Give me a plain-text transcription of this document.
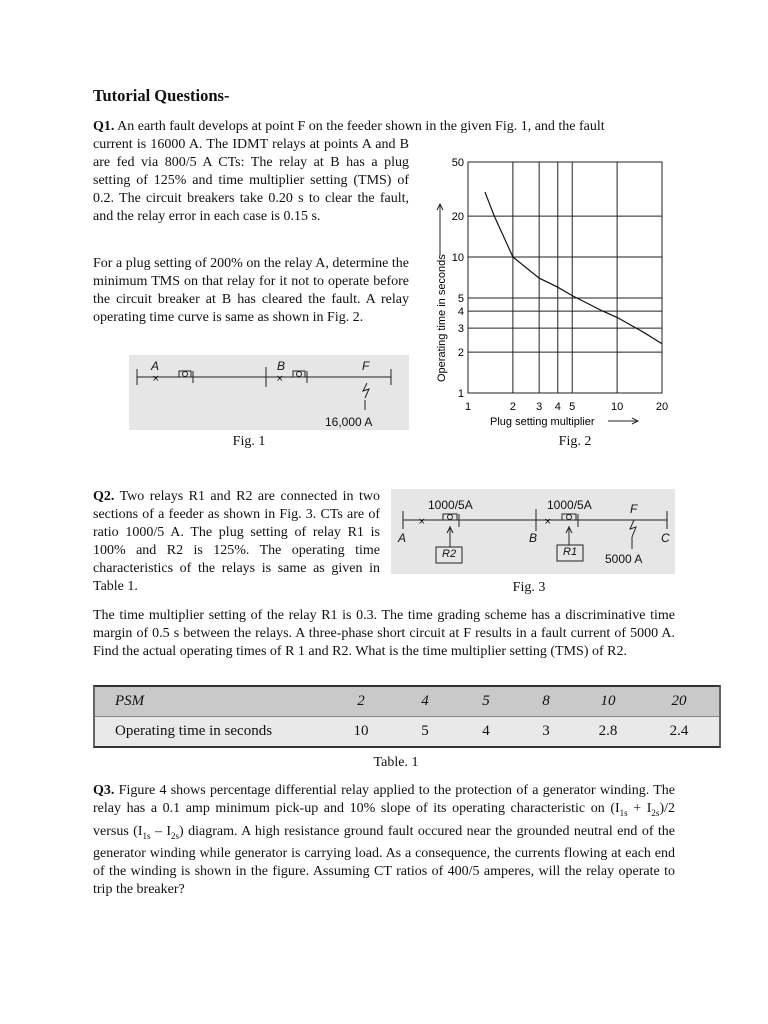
Tutorial Questions-
Q1. An earth fault develops at point F on the feeder shown in the given Fig. 1, and the fault
current is 16000 A. The IDMT relays at points A and B are fed via 800/5 A CTs: The relay at B has a plug setting of 125% and time multiplier setting (TMS) of 0.2. The circuit breakers take 0.20 s to clear the fault, and the relay error in each case is 0.15 s.
For a plug setting of 200% on the relay A, determine the minimum TMS on that relay for it not to operate before the circuit breaker at B has cleared the fault. A relay operating time curve is same as shown in Fig. 2.
×	×
A	B	F
16,000 A
Fig. 1
Operating time in seconds
Plug setting multiplier
1	2 3 4 5	10	20
1
2
3
4
5
10
20
50
Fig. 2
Q2. Two relays R1 and R2 are connected in two sections of a feeder as shown in Fig. 3. CTs are of ratio 1000/5 A. The plug setting of relay R1 is 100% and R2 is 125%. The operating time characteristics of the relays is same as given in Table 1.
×	×
1000/5A	1000/5A	F
A	B	C
R2	R1 5000 A
Fig. 3
The time multiplier setting of the relay R1 is 0.3. The time grading scheme has a discriminative time margin of 0.5 s between the relays. A three-phase short circuit at F results in a fault current of 5000 A. Find the actual operating times of R 1 and R2. What is the time multiplier setting (TMS) of R2.
PSM	2	4	5	8	10	20
Operating time in seconds	10	5	4	3	2.8	2.4
Table. 1
Q3. Figure 4 shows percentage differential relay applied to the protection of a generator winding. The relay has a 0.1 amp minimum pick-up and 10% slope of its operating characteristic on $(I_{1s} + I_{2s})/2$ versus $(I_{1s} - I_{2s})$ diagram. A high resistance ground fault occured near the grounded neutral end of the generator winding while generator is carrying load. As a consequence, the currents flowing at each end of the winding is shown in the figure. Assuming CT ratios of 400/5 amperes, will the relay operate to trip the breaker?
